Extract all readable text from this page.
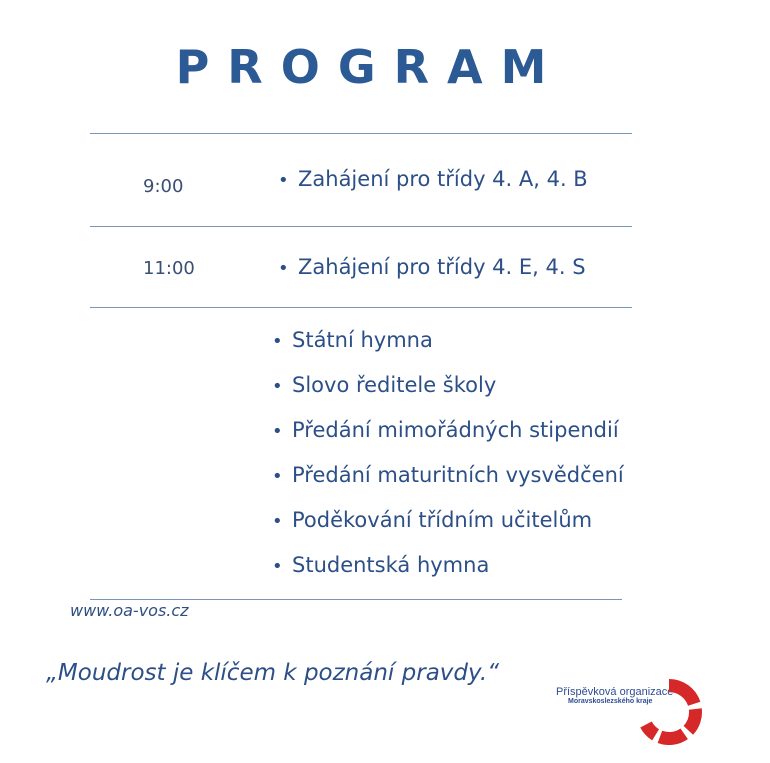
PROGRAM
9:00	• Zahájení pro třídy 4. A, 4. B
11:00	• Zahájení pro třídy 4. E, 4. S
• Státní hymna
• Slovo ředitele školy
• Předání mimořádných stipendií
• Předání maturitních vysvědčení
• Poděkování třídním učitelům
• Studentská hymna
www.oa-vos.cz
„Moudrost je klíčem k poznání pravdy.“
Příspěvková organizace
Moravskoslezského kraje
